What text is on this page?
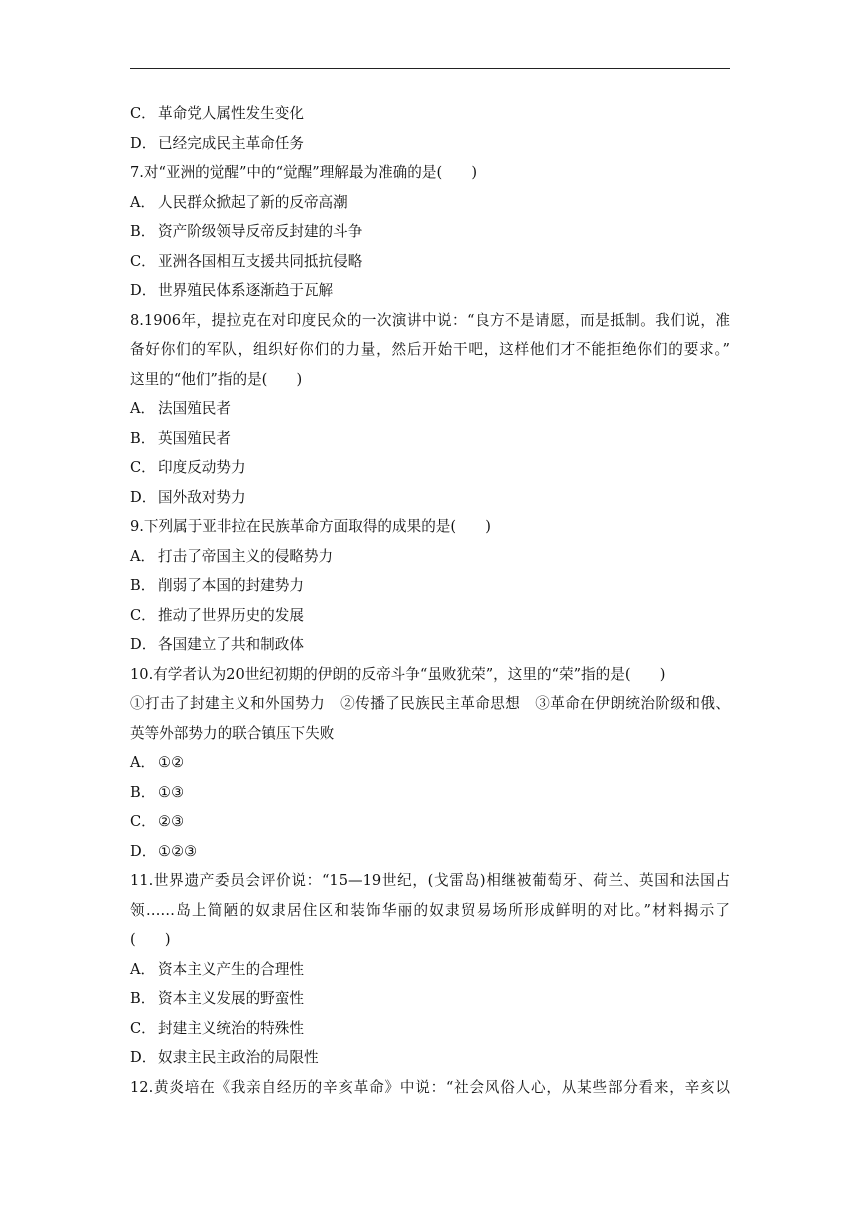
C． 革命党人属性发生变化
D． 已经完成民主革命任务
7.对“亚洲的觉醒”中的“觉醒”理解最为准确的是(　　)
A． 人民群众掀起了新的反帝高潮
B． 资产阶级领导反帝反封建的斗争
C． 亚洲各国相互支援共同抵抗侵略
D． 世界殖民体系逐渐趋于瓦解
8.1906年，提拉克在对印度民众的一次演讲中说：“良方不是请愿，而是抵制。我们说，准
备好你们的军队，组织好你们的力量，然后开始干吧，这样他们才不能拒绝你们的要求。”
这里的“他们”指的是(　　)
A． 法国殖民者
B． 英国殖民者
C． 印度反动势力
D． 国外敌对势力
9.下列属于亚非拉在民族革命方面取得的成果的是(　　)
A． 打击了帝国主义的侵略势力
B． 削弱了本国的封建势力
C． 推动了世界历史的发展
D． 各国建立了共和制政体
10.有学者认为20世纪初期的伊朗的反帝斗争“虽败犹荣”，这里的“荣”指的是(　　)
①打击了封建主义和外国势力　②传播了民族民主革命思想　③革命在伊朗统治阶级和俄、
英等外部势力的联合镇压下失败
A． ①②
B． ①③
C． ②③
D． ①②③
11.世界遗产委员会评价说：“15—19世纪，(戈雷岛)相继被葡萄牙、荷兰、英国和法国占
领……岛上简陋的奴隶居住区和装饰华丽的奴隶贸易场所形成鲜明的对比。”材料揭示了
(　　)
A． 资本主义产生的合理性
B． 资本主义发展的野蛮性
C． 封建主义统治的特殊性
D． 奴隶主民主政治的局限性
12.黄炎培在《我亲自经历的辛亥革命》中说：“社会风俗人心，从某些部分看来，辛亥以
